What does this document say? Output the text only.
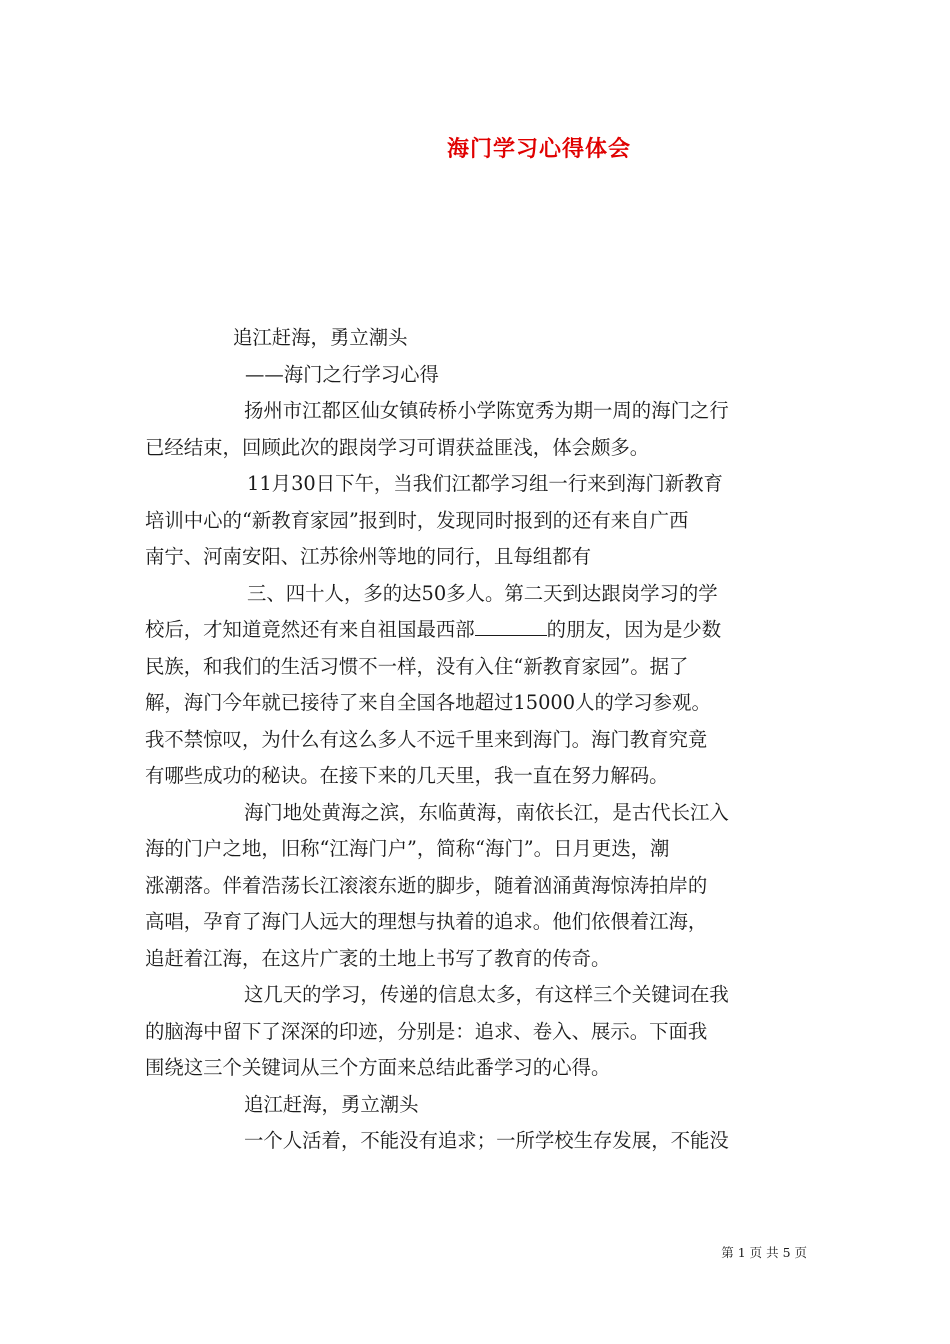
海门学习心得体会
追江赶海，勇立潮头
——海门之行学习心得
扬州市江都区仙女镇砖桥小学陈宽秀为期一周的海门之行
已经结束，回顾此次的跟岗学习可谓获益匪浅，体会颇多。
11月30日下午，当我们江都学习组一行来到海门新教育
培训中心的“新教育家园”报到时，发现同时报到的还有来自广西
南宁、河南安阳、江苏徐州等地的同行，且每组都有
三、四十人，多的达50多人。第二天到达跟岗学习的学
校后，才知道竟然还有来自祖国最西部	的朋友，因为是少数
民族，和我们的生活习惯不一样，没有入住“新教育家园”。据了
解，海门今年就已接待了来自全国各地超过15000人的学习参观。
我不禁惊叹，为什么有这么多人不远千里来到海门。海门教育究竟
有哪些成功的秘诀。在接下来的几天里，我一直在努力解码。
海门地处黄海之滨，东临黄海，南依长江，是古代长江入
海的门户之地，旧称“江海门户”，简称“海门”。日月更迭，潮
涨潮落。伴着浩荡长江滚滚东逝的脚步，随着汹涌黄海惊涛拍岸的
高唱，孕育了海门人远大的理想与执着的追求。他们依偎着江海，
追赶着江海，在这片广袤的土地上书写了教育的传奇。
这几天的学习，传递的信息太多，有这样三个关键词在我
的脑海中留下了深深的印迹，分别是：追求、卷入、展示。下面我
围绕这三个关键词从三个方面来总结此番学习的心得。
追江赶海，勇立潮头
一个人活着，不能没有追求；一所学校生存发展，不能没
第 1 页 共 5 页
